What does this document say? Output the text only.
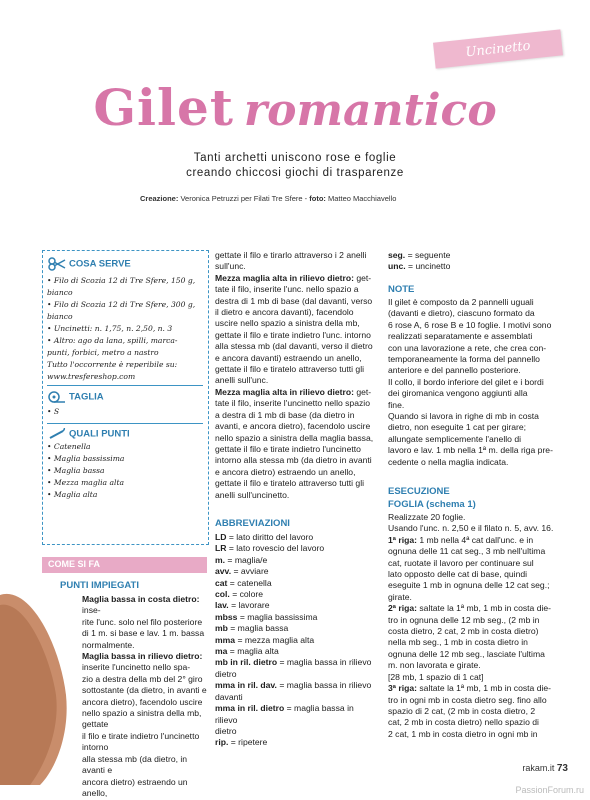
Uncinetto
Gilet romantico
Tanti archetti uniscono rose e foglie
creando chiccosi giochi di trasparenze
Creazione: Veronica Petruzzi per Filati Tre Sfere - foto: Matteo Macchiavello
COSA SERVE
• Filo di Scozia 12 di Tre Sfere, 150 g,
bianco
• Filo di Scozia 12 di Tre Sfere, 300 g,
bianco
• Uncinetti: n. 1,75, n. 2,50, n. 3
• Altro: ago da lana, spilli, marca-
punti, forbici, metro a nastro
Tutto l'occorrente è reperibile su:
www.tresfereshop.com
TAGLIA
• S
QUALI PUNTI
• Catenella
• Maglia bassissima
• Maglia bassa
• Mezza maglia alta
• Maglia alta
COME SI FA
PUNTI IMPIEGATI

Maglia bassa in costa dietro: inse-

rite l'unc. solo nel filo posteriore

di 1 m. si base e lav. 1 m. bassa

normalmente.

Maglia bassa in rilievo dietro:

inserite l'uncinetto nello spa-

zio a destra della mb del 2° giro

sottostante (da dietro, in avanti e

ancora dietro), facendolo uscire

nello spazio a sinistra della mb, gettate

il filo e tirate indietro l'uncinetto intorno

alla stessa mb (da dietro, in avanti e

ancora dietro) estraendo un anello,

gettate il filo e tirarlo attraverso i 2 anelli

sull'unc.

Mezza maglia alta in rilievo dietro: get-

tate il filo, inserite l'unc. nello spazio a

destra di 1 mb di base (dal davanti, verso

il dietro e ancora davanti), facendolo

uscire nello spazio a sinistra della mb,

gettate il filo e tirate indietro l'unc. intorno

alla stessa mb (dal davanti, verso il dietro

e ancora davanti) estraendo un anello,

gettate il filo e tiratelo attraverso tutti gli

anelli sull'unc.

Mezza maglia alta in rilievo dietro: get-

tate il filo, inserite l'uncinetto nello spazio

a destra di 1 mb di base (da dietro in

avanti, e ancora dietro), facendolo uscire

nello spazio a sinistra della maglia bassa,

gettate il filo e tirate indietro l'uncinetto

intorno alla stessa mb (da dietro in avanti

e ancora dietro) estraendo un anello,

gettate il filo e tiratelo attraverso tutti gli

anelli sull'uncinetto.

ABBREVIAZIONI

LD = lato diritto del lavoro

LR = lato rovescio del lavoro

m. = maglia/e

avv. = avviare

cat = catenella

col. = colore

lav. = lavorare

mbss = maglia bassissima

mb = maglia bassa

mma = mezza maglia alta

ma = maglia alta

mb in ril. dietro = maglia bassa in rilievo

dietro

mma in ril. dav. = maglia bassa in rilievo

davanti

mma in ril. dietro = maglia bassa in rilievo

dietro

rip. = ripetere

seg. = seguente

unc. = uncinetto

NOTE
Il gilet è composto da 2 pannelli uguali
(davanti e dietro), ciascuno formato da
6 rose A, 6 rose B e 10 foglie. I motivi sono
realizzati separatamente e assemblati
con una lavorazione a rete, che crea con-
temporaneamente la forma del pannello
anteriore e del pannello posteriore.
Il collo, il bordo inferiore del gilet e i bordi
dei giromanica vengono aggiunti alla
fine.
Quando si lavora in righe di mb in costa
dietro, non eseguite 1 cat per girare;
allungate semplicemente l'anello di
lavoro e lav. 1 mb nella 1ª m. della riga pre-
cedente o nella maglia indicata.
ESECUZIONE
FOGLIA (schema 1)

Realizzate 20 foglie.

Usando l'unc. n. 2,50 e il filato n. 5, avv. 16.

1ª riga: 1 mb nella 4ª cat dall'unc. e in

ognuna delle 11 cat seg., 3 mb nell'ultima

cat, ruotate il lavoro per continuare sul

lato opposto delle cat di base, quindi

eseguite 1 mb in ognuna delle 12 cat seg.;

girate.

2ª riga: saltate la 1ª mb, 1 mb in costa die-

tro in ognuna delle 12 mb seg., (2 mb in

costa dietro, 2 cat, 2 mb in costa dietro)

nella mb seg., 1 mb in costa dietro in

ognuna delle 12 mb seg., lasciate l'ultima

m. non lavorata e girate.

[28 mb, 1 spazio di 1 cat]

3ª riga: saltate la 1ª mb, 1 mb in costa die-

tro in ogni mb in costa dietro seg. fino allo

spazio di 2 cat, (2 mb in costa dietro, 2

cat, 2 mb in costa dietro) nello spazio di

2 cat, 1 mb in costa dietro in ogni mb in

rakam.it 73
PassionForum.ru
